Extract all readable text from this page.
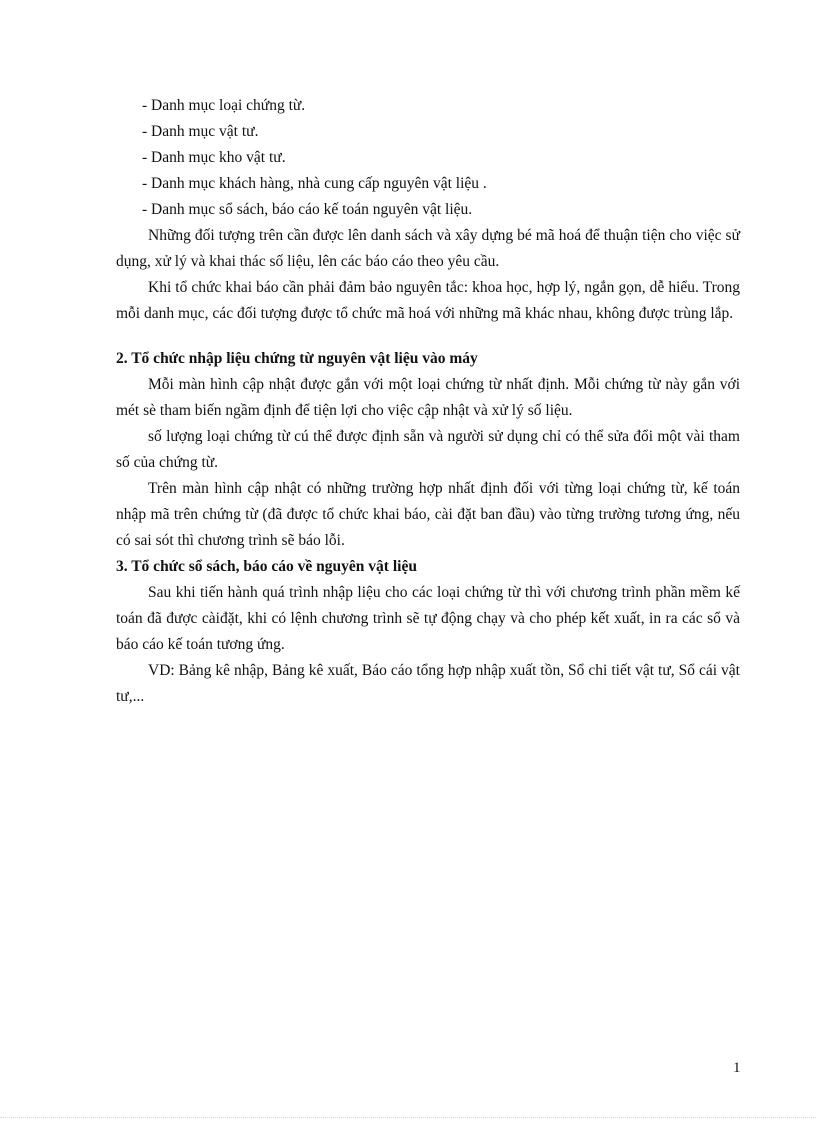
- Danh mục loại chứng từ.
- Danh mục vật tư.
- Danh mục kho vật tư.
- Danh mục khách hàng, nhà cung cấp nguyên vật liệu .
- Danh mục sổ sách, báo cáo kế toán nguyên vật liệu.

Những đối tượng trên cần được lên danh sách và xây dựng bé mã hoá để thuận tiện cho việc sử dụng, xử lý và khai thác số liệu, lên các báo cáo theo yêu cầu.

Khi tổ chức khai báo cần phải đảm bảo nguyên tắc: khoa học, hợp lý, ngắn gọn, dễ hiểu. Trong mỗi danh mục, các đối tượng được tổ chức mã hoá với những mã khác nhau, không được trùng lắp.

2. Tổ chức nhập liệu chứng từ nguyên vật liệu vào máy

Mỗi màn hình cập nhật được gắn với một loại chứng từ nhất định. Mỗi chứng từ này gắn với mét sè tham biến ngầm định để tiện lợi cho việc cập nhật và xử lý số liệu.

số lượng loại chứng từ cú thể được định sẵn và người sử dụng chỉ có thể sửa đổi một vài tham số của chứng từ.

Trên màn hình cập nhật có những trường hợp nhất định đối với từng loại chứng từ, kế toán nhập mã trên chứng từ (đã được tổ chức khai báo, cài đặt ban đầu) vào từng trường tương ứng, nếu có sai sót thì chương trình sẽ báo lỗi.

3. Tổ chức sổ sách, báo cáo về nguyên vật liệu

Sau khi tiến hành quá trình nhập liệu cho các loại chứng từ thì với chương trình phần mềm kế toán đã được càiđặt, khi có lệnh chương trình sẽ tự động chạy và cho phép kết xuất, in ra các sổ và báo cáo kế toán tương ứng.

VD: Bảng kê nhập, Bảng kê xuất, Báo cáo tổng hợp nhập xuất tồn, Sổ chi tiết vật tư, Sổ cái vật tư,...

1
